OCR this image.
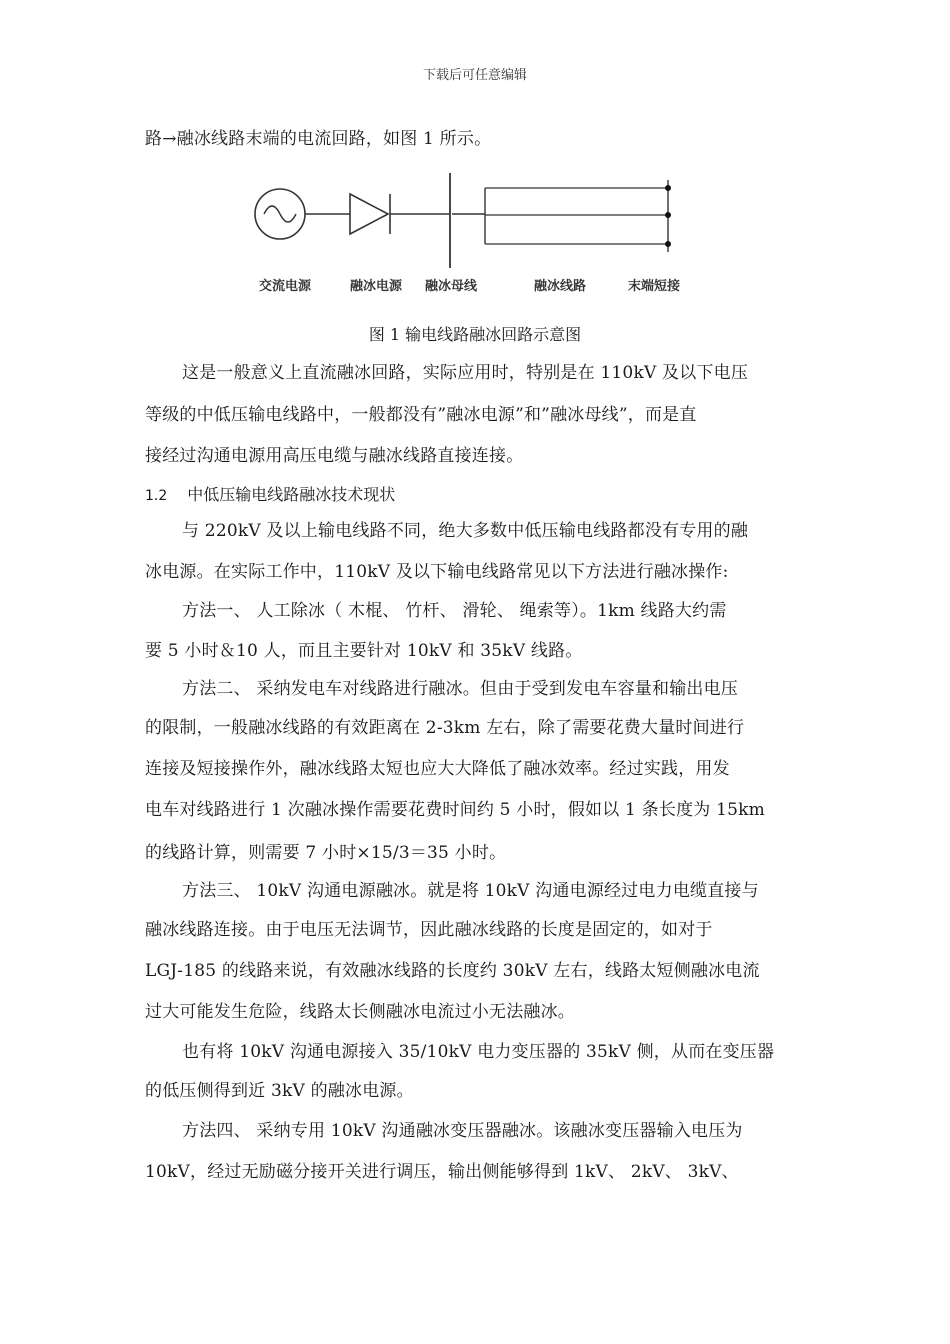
下载后可任意编辑
路→融冰线路末端的电流回路，如图 1 所示。
交流电源	融冰电源 融冰母线	融冰线路	末端短接
图 1 输电线路融冰回路示意图
这是一般意义上直流融冰回路，实际应用时，特别是在 110kV 及以下电压
等级的中低压输电线路中，一般都没有”融冰电源”和”融冰母线”，而是直
接经过沟通电源用高压电缆与融冰线路直接连接。
1.2 中低压输电线路融冰技术现状
与 220kV 及以上输电线路不同，绝大多数中低压输电线路都没有专用的融
冰电源。在实际工作中，110kV 及以下输电线路常见以下方法进行融冰操作:
方法一、 人工除冰（ 木棍、 竹杆、 滑轮、 绳索等）。1km 线路大约需
要 5 小时＆10 人，而且主要针对 10kV 和 35kV 线路。
方法二、 采纳发电车对线路进行融冰。但由于受到发电车容量和输出电压
的限制，一般融冰线路的有效距离在 2-3km 左右，除了需要花费大量时间进行
连接及短接操作外，融冰线路太短也应大大降低了融冰效率。经过实践，用发
电车对线路进行 1 次融冰操作需要花费时间约 5 小时，假如以 1 条长度为 15km
的线路计算，则需要 7 小时×15/3＝35 小时。
方法三、 10kV 沟通电源融冰。就是将 10kV 沟通电源经过电力电缆直接与
融冰线路连接。由于电压无法调节，因此融冰线路的长度是固定的，如对于
LGJ-185 的线路来说，有效融冰线路的长度约 30kV 左右，线路太短侧融冰电流
过大可能发生危险，线路太长侧融冰电流过小无法融冰。
也有将 10kV 沟通电源接入 35/10kV 电力变压器的 35kV 侧，从而在变压器
的低压侧得到近 3kV 的融冰电源。
方法四、 采纳专用 10kV 沟通融冰变压器融冰。该融冰变压器输入电压为
10kV，经过无励磁分接开关进行调压，输出侧能够得到 1kV、 2kV、 3kV、
